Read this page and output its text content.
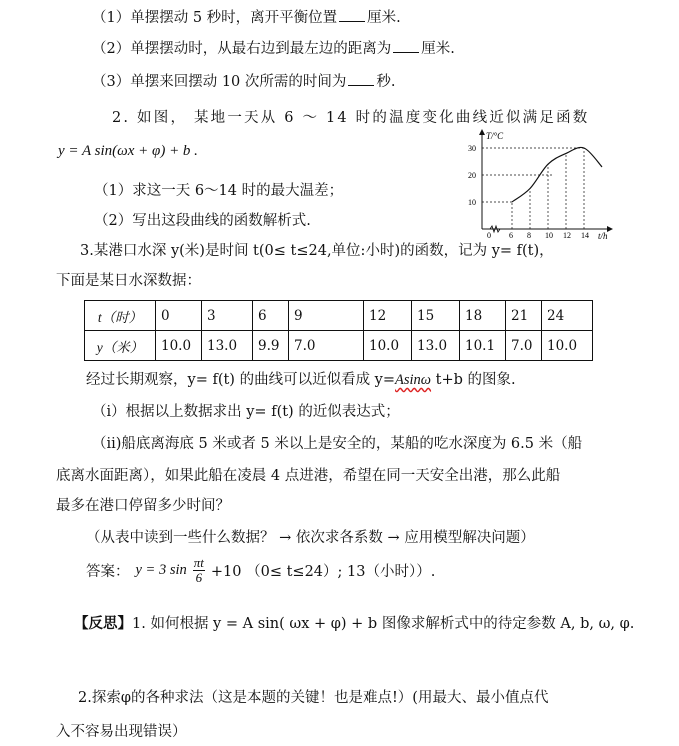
（1）单摆摆动 5 秒时，离开平衡位置 厘米.
（2）单摆摆动时，从最右边到最左边的距离为 厘米.
（3）单摆来回摆动 10 次所需的时间为 秒.
2. 如图， 某地一天从 6 ～ 14 时的温度变化曲线近似满足函数
y = A sin(ωx + φ) + b .
（1）求这一天 6～14 时的最大温差；
（2）写出这段曲线的函数解析式.
T/°C
t/h
0 6 8 10 12 14
10
20
30
3.某港口水深 y(米)是时间 t(0≤ t≤24,单位:小时)的函数，记为 y= f(t)，
下面是某日水深数据：
t（时）	0	3	6	9	12	15	18	21	24
y（米）	10.0	13.0	9.9	7.0	10.0	13.0	10.1	7.0	10.0
经过长期观察，y= f(t) 的曲线可以近似看成 y=Asinω t+b 的图象.
（i）根据以上数据求出 y= f(t) 的近似表达式；
（ii)船底离海底 5 米或者 5 米以上是安全的，某船的吃水深度为 6.5 米（船
底离水面距离），如果此船在凌晨 4 点进港，希望在同一天安全出港，那么此船
最多在港口停留多少时间？
（从表中读到一些什么数据？ → 依次求各系数 → 应用模型解决问题）
答案： y = 3 $\sin \frac{\pi t}{6} +10$ （0≤ t≤24）; 13（小时））.
【反思】1. 如何根据 y = A sin( ωx + φ) + b 图像求解析式中的待定参数 A, b, ω, φ.
2.探索φ的各种求法（这是本题的关键！也是难点!）(用最大、最小值点代
入不容易出现错误）
